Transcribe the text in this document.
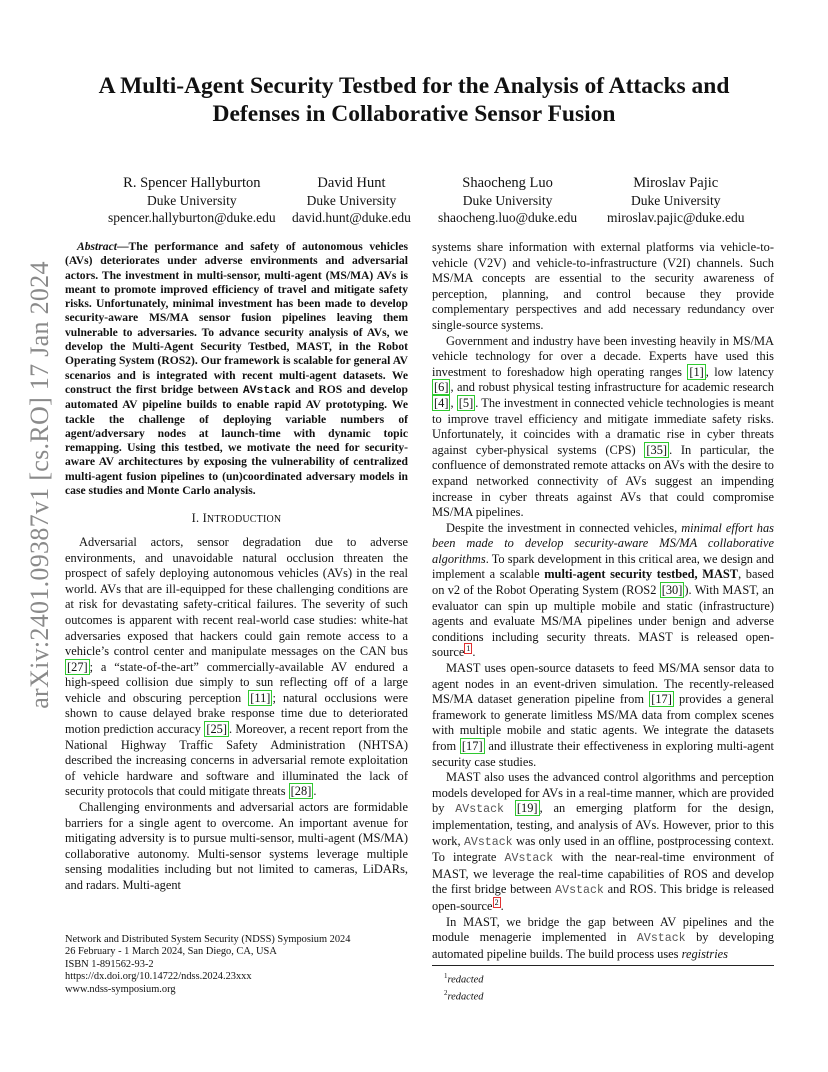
arXiv:2401.09387v1 [cs.RO] 17 Jan 2024
A Multi-Agent Security Testbed for the Analysis of Attacks and Defenses in Collaborative Sensor Fusion
R. Spencer Hallyburton
Duke University
spencer.hallyburton@duke.edu
David Hunt
Duke University
david.hunt@duke.edu
Shaocheng Luo
Duke University
shaocheng.luo@duke.edu
Miroslav Pajic
Duke University
miroslav.pajic@duke.edu

Abstract—The performance and safety of autonomous vehicles (AVs) deteriorates under adverse environments and adversarial actors. The investment in multi-sensor, multi-agent (MS/MA) AVs is meant to promote improved efficiency of travel and mitigate safety risks. Unfortunately, minimal investment has been made to develop security-aware MS/MA sensor fusion pipelines leaving them vulnerable to adversaries. To advance security analysis of AVs, we develop the Multi-Agent Security Testbed, MAST, in the Robot Operating System (ROS2). Our framework is scalable for general AV scenarios and is integrated with recent multi-agent datasets. We construct the first bridge between AVstack and ROS and develop automated AV pipeline builds to enable rapid AV prototyping. We tackle the challenge of deploying variable numbers of agent/adversary nodes at launch-time with dynamic topic remapping. Using this testbed, we motivate the need for security-aware AV architectures by exposing the vulnerability of centralized multi-agent fusion pipelines to (un)coordinated adversary models in case studies and Monte Carlo analysis.

I. INTRODUCTION

Adversarial actors, sensor degradation due to adverse environments, and unavoidable natural occlusion threaten the prospect of safely deploying autonomous vehicles (AVs) in the real world. AVs that are ill-equipped for these challenging conditions are at risk for devastating safety-critical failures. The severity of such outcomes is apparent with recent real-world case studies: white-hat adversaries exposed that hackers could gain remote access to a vehicle’s control center and manipulate messages on the CAN bus [27] ; a “state-of-the-art” commercially-available AV endured a high-speed collision due simply to sun reflecting off of a large vehicle and obscuring perception [11] ; natural occlusions were shown to cause delayed brake response time due to deteriorated motion prediction accuracy [25] . Moreover, a recent report from the National Highway Traffic Safety Administration (NHTSA) described the increasing concerns in adversarial remote exploitation of vehicle hardware and software and illuminated the lack of security protocols that could mitigate threats [28] .

Challenging environments and adversarial actors are formidable barriers for a single agent to overcome. An important avenue for mitigating adversity is to pursue multi-sensor, multi-agent (MS/MA) collaborative autonomy. Multi-sensor systems leverage multiple sensing modalities including but not limited to cameras, LiDARs, and radars. Multi-agent

systems share information with external platforms via vehicle-to-vehicle (V2V) and vehicle-to-infrastructure (V2I) channels. Such MS/MA concepts are essential to the security awareness of perception, planning, and control because they provide complementary perspectives and add necessary redundancy over single-source systems.

Government and industry have been investing heavily in MS/MA vehicle technology for over a decade. Experts have used this investment to foreshadow high operating ranges [1] , low latency [6] , and robust physical testing infrastructure for academic research [4] , [5] . The investment in connected vehicle technologies is meant to improve travel efficiency and mitigate immediate safety risks. Unfortunately, it coincides with a dramatic rise in cyber threats against cyber-physical systems (CPS) [35] . In particular, the confluence of demonstrated remote attacks on AVs with the desire to expand networked connectivity of AVs suggest an impending increase in cyber threats against AVs that could compromise MS/MA pipelines.

Despite the investment in connected vehicles, minimal effort has been made to develop security-aware MS/MA collaborative algorithms. To spark development in this critical area, we design and implement a scalable multi-agent security testbed, MAST, based on v2 of the Robot Operating System (ROS2 [30] ). With MAST, an evaluator can spin up multiple mobile and static (infrastructure) agents and evaluate MS/MA pipelines under benign and adverse conditions including security threats. MAST is released open-source $^1$ .

MAST uses open-source datasets to feed MS/MA sensor data to agent nodes in an event-driven simulation. The recently-released MS/MA dataset generation pipeline from [17] provides a general framework to generate limitless MS/MA data from complex scenes with multiple mobile and static agents. We integrate the datasets from [17] and illustrate their effectiveness in exploring multi-agent security case studies.

MAST also uses the advanced control algorithms and perception models developed for AVs in a real-time manner, which are provided by AVstack [19] , an emerging platform for the design, implementation, testing, and analysis of AVs. However, prior to this work, AVstack was only used in an offline, postprocessing context. To integrate AVstack with the near-real-time environment of MAST, we leverage the real-time capabilities of ROS and develop the first bridge between AVstack and ROS. This bridge is released open-source $^2$ .

In MAST, we bridge the gap between AV pipelines and the module menagerie implemented in AVstack by developing automated pipeline builds. The build process uses registries

Network and Distributed System Security (NDSS) Symposium 2024
26 February - 1 March 2024, San Diego, CA, USA
ISBN 1-891562-93-2
https://dx.doi.org/10.14722/ndss.2024.23xxx
www.ndss-symposium.org
$^1$redacted
$^2$redacted
